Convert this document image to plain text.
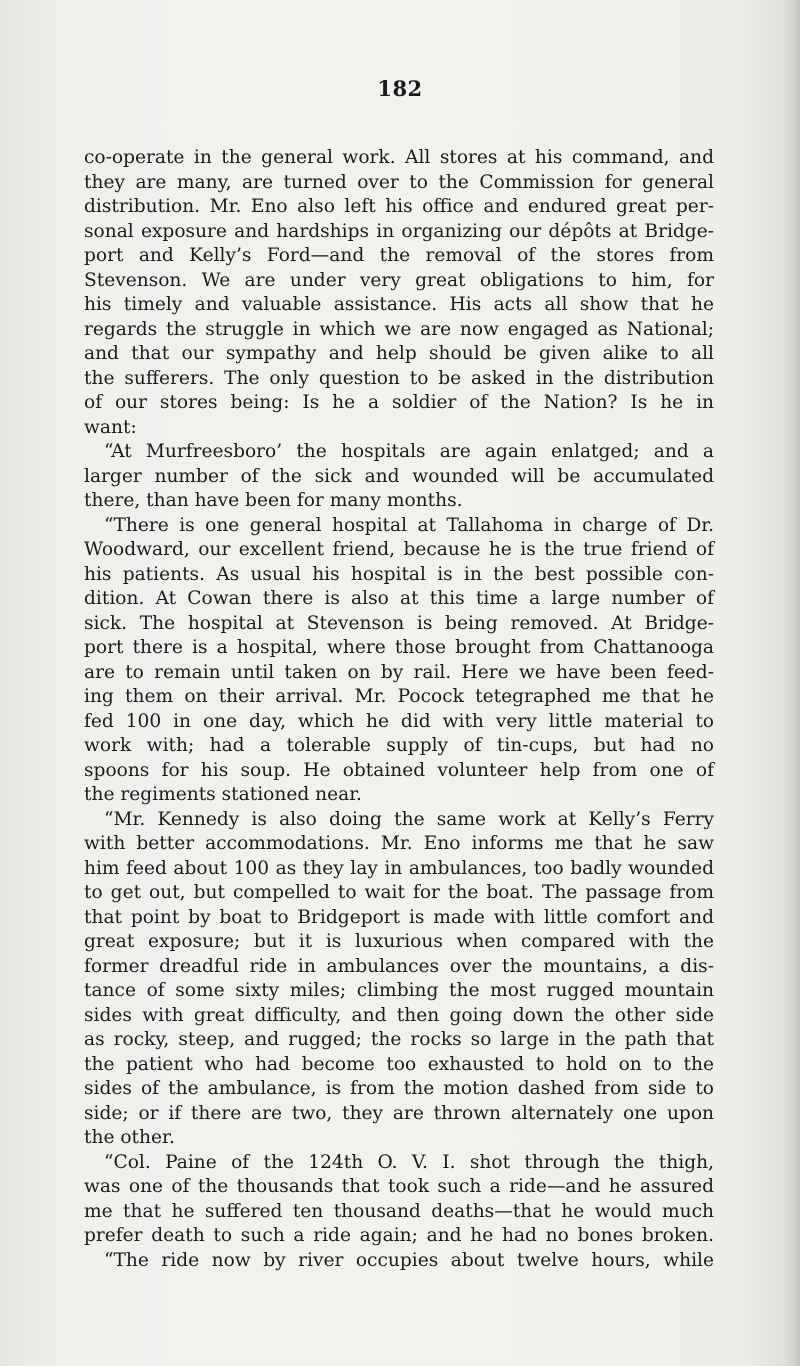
182
co-operate in the general work. All stores at his command, and
they are many, are turned over to the Commission for general
distribution. Mr. Eno also left his office and endured great per-
sonal exposure and hardships in organizing our dépôts at Bridge-
port and Kelly’s Ford—and the removal of the stores from
Stevenson. We are under very great obligations to him, for
his timely and valuable assistance. His acts all show that he
regards the struggle in which we are now engaged as National;
and that our sympathy and help should be given alike to all
the sufferers. The only question to be asked in the distribution
of our stores being: Is he a soldier of the Nation? Is he in
want:
“At Murfreesboro’ the hospitals are again enlatged; and a
larger number of the sick and wounded will be accumulated
there, than have been for many months.
“There is one general hospital at Tallahoma in charge of Dr.
Woodward, our excellent friend, because he is the true friend of
his patients. As usual his hospital is in the best possible con-
dition. At Cowan there is also at this time a large number of
sick. The hospital at Stevenson is being removed. At Bridge-
port there is a hospital, where those brought from Chattanooga
are to remain until taken on by rail. Here we have been feed-
ing them on their arrival. Mr. Pocock tetegraphed me that he
fed 100 in one day, which he did with very little material to
work with; had a tolerable supply of tin-cups, but had no
spoons for his soup. He obtained volunteer help from one of
the regiments stationed near.
“Mr. Kennedy is also doing the same work at Kelly’s Ferry
with better accommodations. Mr. Eno informs me that he saw
him feed about 100 as they lay in ambulances, too badly wounded
to get out, but compelled to wait for the boat. The passage from
that point by boat to Bridgeport is made with little comfort and
great exposure; but it is luxurious when compared with the
former dreadful ride in ambulances over the mountains, a dis-
tance of some sixty miles; climbing the most rugged mountain
sides with great difficulty, and then going down the other side
as rocky, steep, and rugged; the rocks so large in the path that
the patient who had become too exhausted to hold on to the
sides of the ambulance, is from the motion dashed from side to
side; or if there are two, they are thrown alternately one upon
the other.
“Col. Paine of the 124th O. V. I. shot through the thigh,
was one of the thousands that took such a ride—and he assured
me that he suffered ten thousand deaths—that he would much
prefer death to such a ride again; and he had no bones broken.
“The ride now by river occupies about twelve hours, while
